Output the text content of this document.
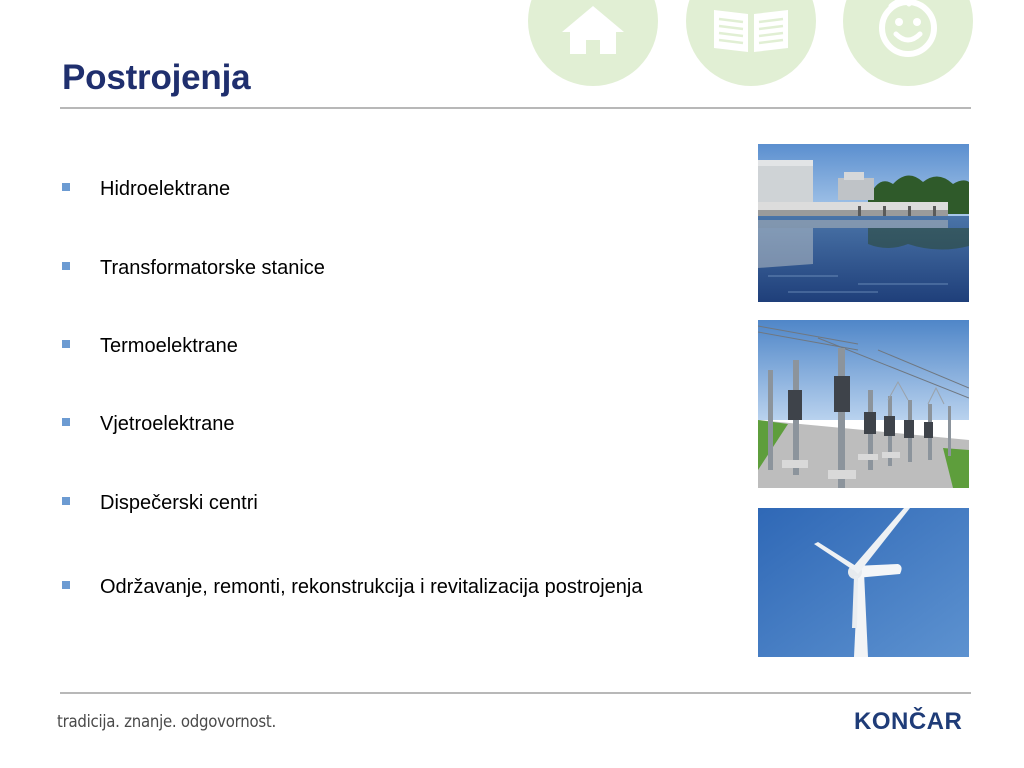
Postrojenja
Hidroelektrane
Transformatorske stanice
Termoelektrane
Vjetroelektrane
Dispečerski centri
Održavanje, remonti, rekonstrukcija i revitalizacija postrojenja
tradicija. znanje. odgovornost.	KONČAR
